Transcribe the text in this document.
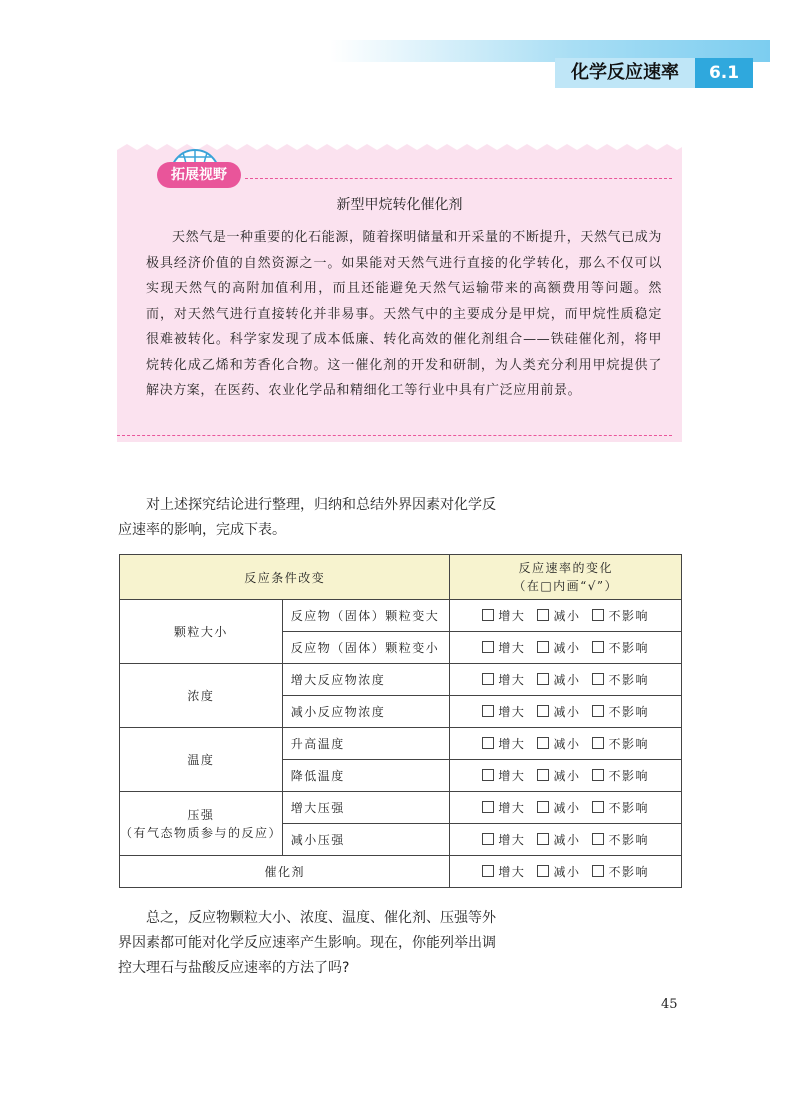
化学反应速率	6.1
拓展视野
新型甲烷转化催化剂
天然气是一种重要的化石能源，随着探明储量和开采量的不断提升，天然气已成为极具经济价值的自然资源之一。如果能对天然气进行直接的化学转化，那么不仅可以实现天然气的高附加值利用，而且还能避免天然气运输带来的高额费用等问题。然而，对天然气进行直接转化并非易事。天然气中的主要成分是甲烷，而甲烷性质稳定很难被转化。科学家发现了成本低廉、转化高效的催化剂组合——铁硅催化剂，将甲烷转化成乙烯和芳香化合物。这一催化剂的开发和研制，为人类充分利用甲烷提供了解决方案，在医药、农业化学品和精细化工等行业中具有广泛应用前景。
对上述探究结论进行整理，归纳和总结外界因素对化学反应速率的影响，完成下表。
反应条件改变		反应速率的变化
（在□内画“√”）

颗粒大小	反应物（固体）颗粒变大	增大 减小 不影响
	反应物（固体）颗粒变小	增大 减小 不影响
浓度	增大反应物浓度	增大 减小 不影响
	减小反应物浓度	增大 减小 不影响
温度	升高温度	增大 减小 不影响
	降低温度	增大 减小 不影响

压强
（有气态物质参与的反应）	增大压强	增大 减小 不影响
	减小压强	增大 减小 不影响
催化剂		增大 减小 不影响
总之，反应物颗粒大小、浓度、温度、催化剂、压强等外界因素都可能对化学反应速率产生影响。现在，你能列举出调控大理石与盐酸反应速率的方法了吗?
45
